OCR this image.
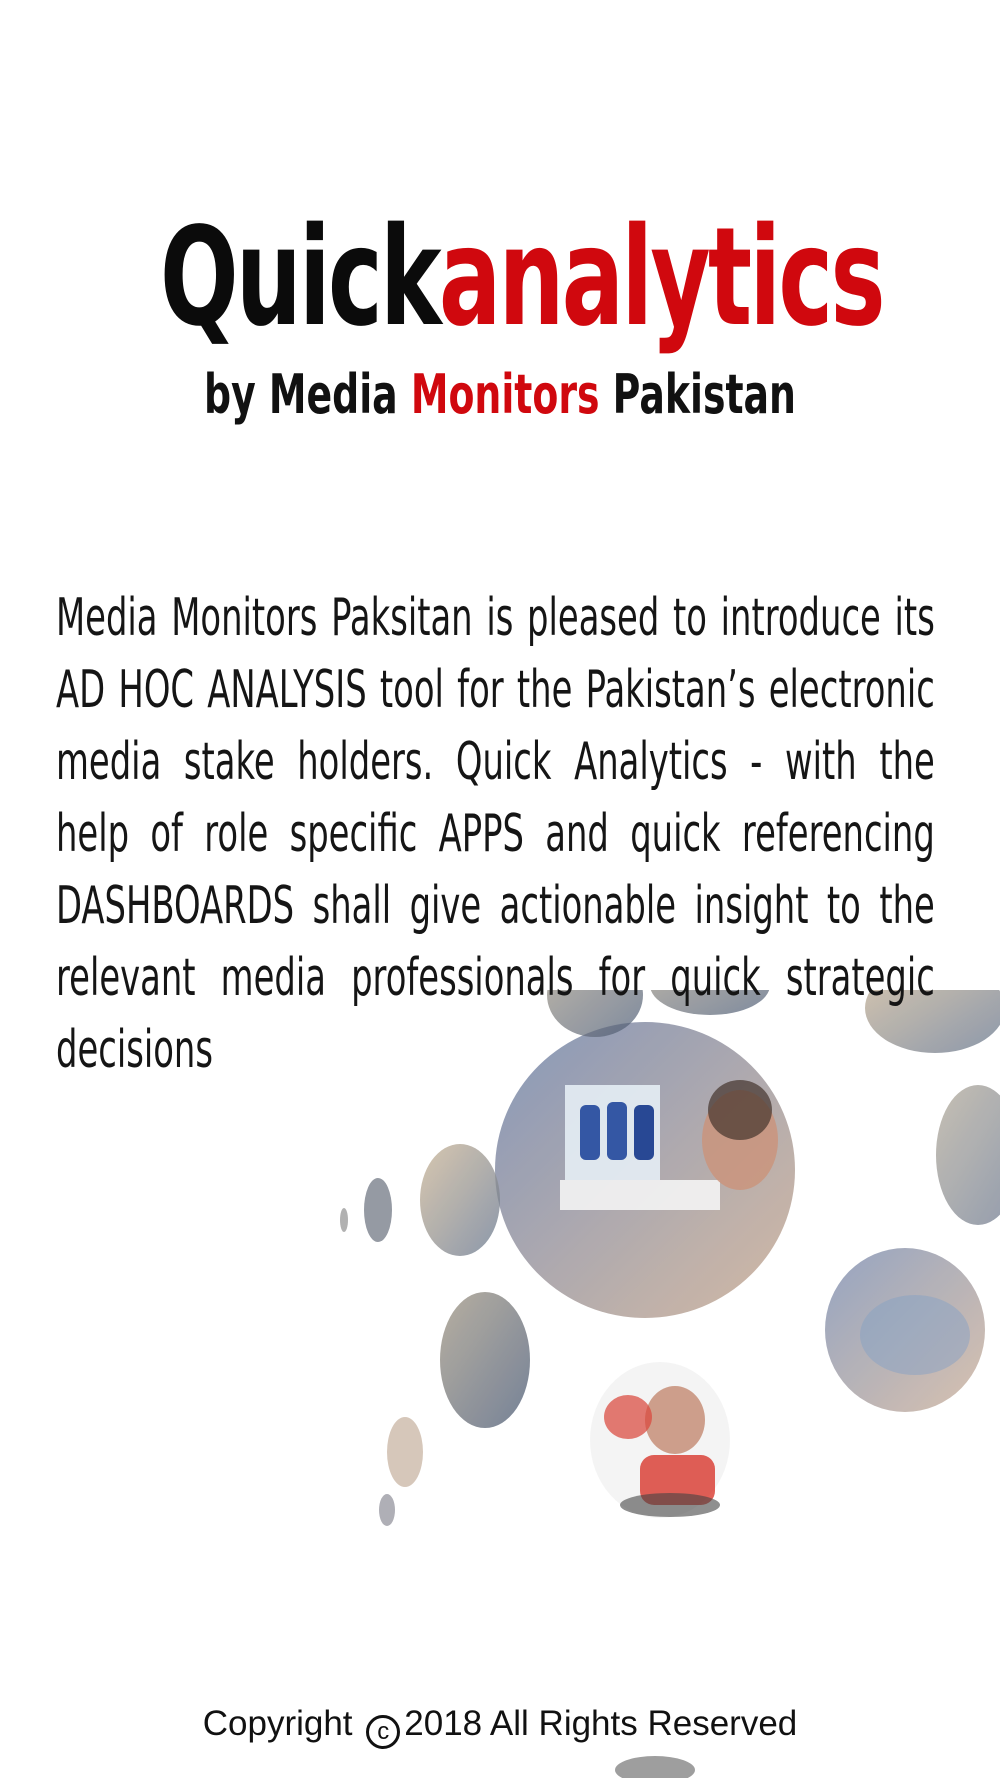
Quickanalytics
by Media Monitors Pakistan
Media Monitors Paksitan is pleased to introduce its AD HOC ANALYSIS tool for the Pakistan’s electronic media stake holders. Quick Analytics - with the help of role specific APPS and quick referencing DASHBOARDS shall give actionable insight to the relevant media professionals for quick strategic decisions
Copyright c 2018 All Rights Reserved
